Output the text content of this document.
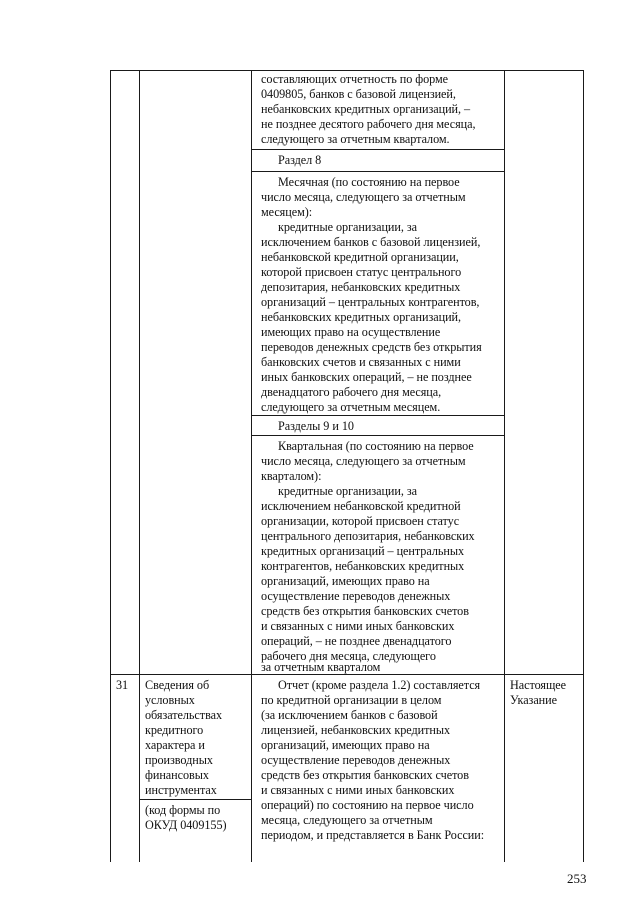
составляющих отчетность по форме
0409805, банков с базовой лицензией,
небанковских кредитных организаций, –
не позднее десятого рабочего дня месяца,
следующего за отчетным кварталом.
Раздел 8
Месячная (по состоянию на первое
число месяца, следующего за отчетным
месяцем):
кредитные организации, за
исключением банков с базовой лицензией,
небанковской кредитной организации,
которой присвоен статус центрального
депозитария, небанковских кредитных
организаций – центральных контрагентов,
небанковских кредитных организаций,
имеющих право на осуществление
переводов денежных средств без открытия
банковских счетов и связанных с ними
иных банковских операций, – не позднее
двенадцатого рабочего дня месяца,
следующего за отчетным месяцем.
Разделы 9 и 10
Квартальная (по состоянию на первое
число месяца, следующего за отчетным
кварталом):
кредитные организации, за
исключением небанковской кредитной
организации, которой присвоен статус
центрального депозитария, небанковских
кредитных организаций – центральных
контрагентов, небанковских кредитных
организаций, имеющих право на
осуществление переводов денежных
средств без открытия банковских счетов
и связанных с ними иных банковских
операций, – не позднее двенадцатого
рабочего дня месяца, следующего
за отчетным кварталом
31 Сведения об
условных
обязательствах
кредитного
характера и
производных
финансовых
инструментах
(код формы по
ОКУД 0409155)
Отчет (кроме раздела 1.2) составляется
по кредитной организации в целом
(за исключением банков с базовой
лицензией, небанковских кредитных
организаций, имеющих право на
осуществление переводов денежных
средств без открытия банковских счетов
и связанных с ними иных банковских
операций) по состоянию на первое число
месяца, следующего за отчетным
периодом, и представляется в Банк России:
Настоящее
Указание
253
